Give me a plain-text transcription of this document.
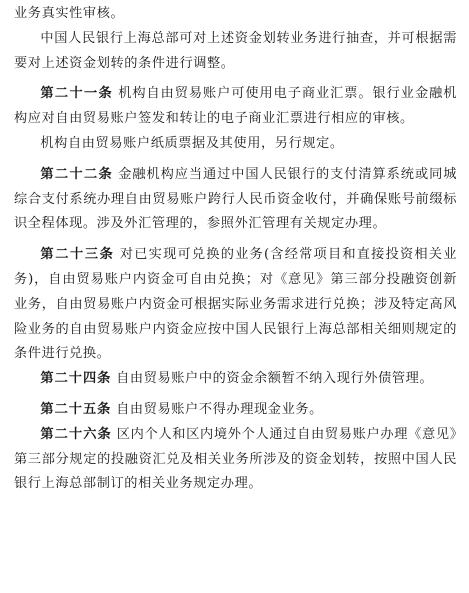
业务真实性审核。

中国人民银行上海总部可对上述资金划转业务进行抽查，并可根据需要对上述资金划转的条件进行调整。

第二十一条 机构自由贸易账户可使用电子商业汇票。银行业金融机构应对自由贸易账户签发和转让的电子商业汇票进行相应的审核。

机构自由贸易账户纸质票据及其使用，另行规定。

第二十二条 金融机构应当通过中国人民银行的支付清算系统或同城综合支付系统办理自由贸易账户跨行人民币资金收付，并确保账号前缀标识全程体现。涉及外汇管理的，参照外汇管理有关规定办理。

第二十三条 对已实现可兑换的业务(含经常项目和直接投资相关业务)，自由贸易账户内资金可自由兑换；对《意见》第三部分投融资创新业务，自由贸易账户内资金可根据实际业务需求进行兑换；涉及特定高风险业务的自由贸易账户内资金应按中国人民银行上海总部相关细则规定的条件进行兑换。

第二十四条 自由贸易账户中的资金余额暂不纳入现行外债管理。

第二十五条 自由贸易账户不得办理现金业务。

第二十六条 区内个人和区内境外个人通过自由贸易账户办理《意见》第三部分规定的投融资汇兑及相关业务所涉及的资金划转，按照中国人民银行上海总部制订的相关业务规定办理。
